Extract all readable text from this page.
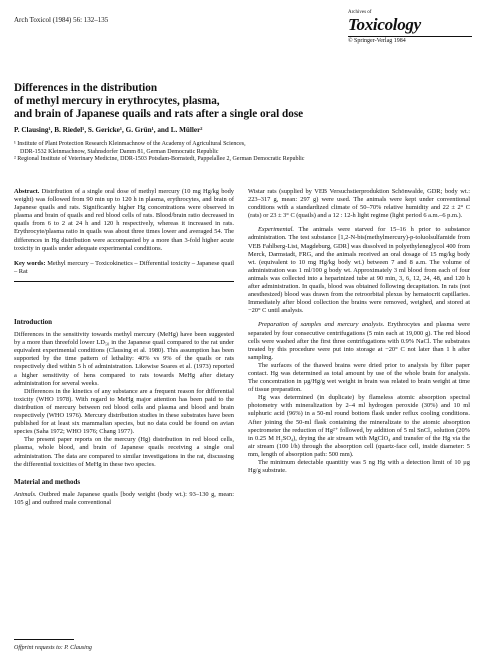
Arch Toxicol (1984) 56: 132–135
Archives of
Toxicology
© Springer-Verlag 1984
Differences in the distribution
of methyl mercury in erythrocytes, plasma,
and brain of Japanese quails and rats after a single oral dose
P. Clausing¹, B. Riedel¹, S. Gericke¹, G. Grün¹, and L. Müller²
¹ Institute of Plant Protection Research Kleinmachnow of the Academy of Agricultural Sciences,
DDR-1532 Kleinmachnow, Stahnsdorfer Damm 81, German Democratic Republic
² Regional Institute of Veterinary Medicine, DDR-1503 Potsdam-Bornstedt, Pappelallee 2, German Democratic Republic

Abstract. Distribution of a single oral dose of methyl mercury (10 mg Hg/kg body weight) was followed from 90 min up to 120 h in plasma, erythrocytes, and brain of Japanese quails and rats. Significantly higher Hg concentrations were observed in plasma and brain of quails and red blood cells of rats. Blood/brain ratio decreased in quails from 6 to 2 at 24 h and 120 h respectively, whereas it increased in rats. Erythrocyte/plasma ratio in quails was about three times lower and averaged 54. The differences in Hg distribution were accompanied by a more than 3-fold higher acute toxicity in quails under adequate experimental conditions.

Key words: Methyl mercury – Toxicokinetics – Differential toxicity – Japanese quail – Rat

Introduction

Differences in the sensitivity towards methyl mercury (MeHg) have been suggested by a more than threefold lower LD₅₀ in the Japanese quail compared to the rat under equivalent experimental conditions (Clausing et al. 1980). This assumption has been supported by the time pattern of lethality: 40% vs 9% of the quails or rats respectively died within 5 h of administration. Likewise Soares et al. (1973) reported a higher sensitivity of hens compared to rats towards MeHg after dietary administration for several weeks.

Differences in the kinetics of any substance are a frequent reason for differential toxicity (WHO 1978). With regard to MeHg major attention has been paid to the distribution of mercury between red blood cells and plasma and blood and brain respectively (WHO 1976). Mercury distribution studies in these substrates have been published for at least six mammalian species, but no data could be found on avian species (Saha 1972; WHO 1976; Chang 1977).

The present paper reports on the mercury (Hg) distribution in red blood cells, plasma, whole blood, and brain of Japanese quails receiving a single oral administration. The data are compared to similar investigations in the rat, discussing the differential toxicities of MeHg in these two species.

Material and methods

Animals. Outbred male Japanese quails [body weight (body wt.): 93–130 g, mean: 105 g] and outbred male conventional

Offprint requests to: P. Clausing

Wistar rats (supplied by VEB Versuchstierproduktion Schönwalde, GDR; body wt.: 223–317 g, mean: 297 g) were used. The animals were kept under conventional conditions with a standardized climate of 50–70% relative humidity and 22 ± 2° C (rats) or 23 ± 3° C (quails) and a 12 : 12-h light regime (light period 6 a.m.–6 p.m.).

Experimental. The animals were starved for 15–16 h prior to substance administration. The test substance [1,2-N-bis(methylmercury)-p-toluolsulfamide from VEB Fahlberg-List, Magdeburg, GDR] was dissolved in polyethyleneglycol 400 from Merck, Darmstadt, FRG, and the animals received an oral dosage of 15 mg/kg body wt. (equivalent to 10 mg Hg/kg body wt.) between 7 and 8 a.m. The volume of administration was 1 ml/100 g body wt. Approximately 3 ml blood from each of four animals was collected into a heparinized tube at 90 min, 3, 6, 12, 24, 48, and 120 h after administration. In quails, blood was obtained following decapitation. In rats (not anesthesized) blood was drawn from the retroorbital plexus by hematocrit capillaries. Immediately after blood collection the brains were removed, weighed, and stored at −20° C until analysis.

Preparation of samples and mercury analysis. Erythrocytes and plasma were separated by four consecutive centrifugations (5 min each at 19,000 g). The red blood cells were washed after the first three centrifugations with 0.9% NaCl. The substrates treated by this procedure were put into storage at −20° C not later than 1 h after sampling.

The surfaces of the thawed brains were dried prior to analysis by filter paper contact. Hg was determined as total amount by use of the whole brain for analysis. The concentration in µg/Hg/g wet weight in brain was related to brain weight at time of tissue preparation.

Hg was determined (in duplicate) by flameless atomic absorption spectral photometry with mineralization by 2–4 ml hydrogen peroxide (30%) and 10 ml sulphuric acid (96%) in a 50-ml round bottom flask under reflux cooling conditions. After joining the 50-ml flask containing the mineralizate to the atomic absorption spectrometer the reduction of Hg²⁺ followed, by addition of 5 ml SnCl₂ solution (20% in 0.25 M H₂SO₄), drying the air stream with MgClO₄ and transfer of the Hg via the air stream (100 l/h) through the absorption cell (quartz-face cell, inside diameter: 5 mm, length of absorption path: 500 mm).

The minimum detectable quantitiy was 5 ng Hg with a detection limit of 10 µg Hg/g substrate.
